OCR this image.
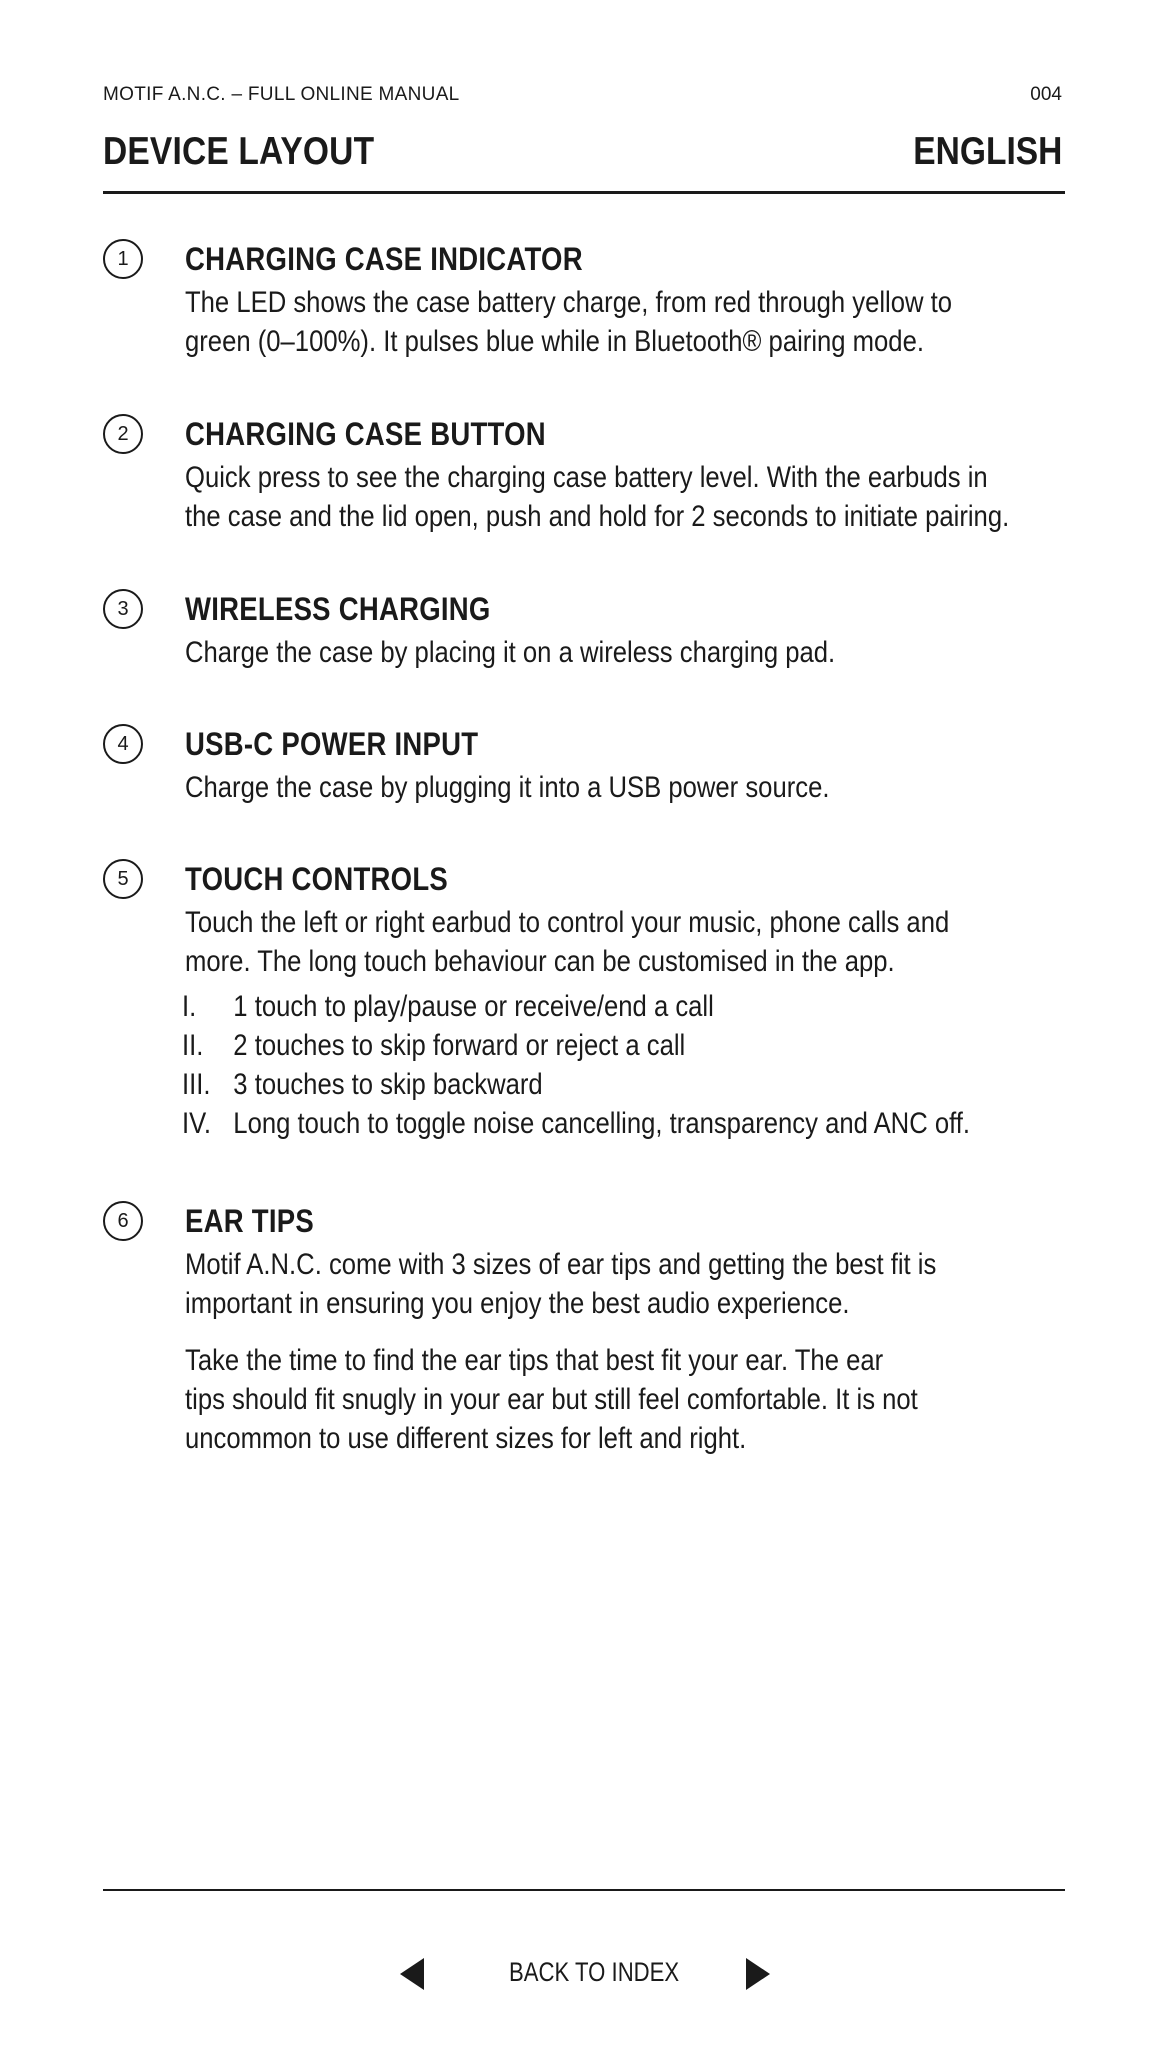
MOTIF A.N.C. – FULL ONLINE MANUAL	004
DEVICE LAYOUT	ENGLISH
1	CHARGING CASE INDICATOR
The LED shows the case battery charge, from red through yellow to
green (0–100%). It pulses blue while in Bluetooth® pairing mode.
2	CHARGING CASE BUTTON
Quick press to see the charging case battery level. With the earbuds in
the case and the lid open, push and hold for 2 seconds to initiate pairing.
3	WIRELESS CHARGING
Charge the case by placing it on a wireless charging pad.
4	USB-C POWER INPUT
Charge the case by plugging it into a USB power source.
5	TOUCH CONTROLS
Touch the left or right earbud to control your music, phone calls and
more. The long touch behaviour can be customised in the app.
I. 1 touch to play/pause or receive/end a call
II. 2 touches to skip forward or reject a call
III. 3 touches to skip backward
IV. Long touch to toggle noise cancelling, transparency and ANC off.
6	EAR TIPS
Motif A.N.C. come with 3 sizes of ear tips and getting the best fit is
important in ensuring you enjoy the best audio experience.
Take the time to find the ear tips that best fit your ear. The ear
tips should fit snugly in your ear but still feel comfortable. It is not
uncommon to use different sizes for left and right.
BACK TO INDEX
